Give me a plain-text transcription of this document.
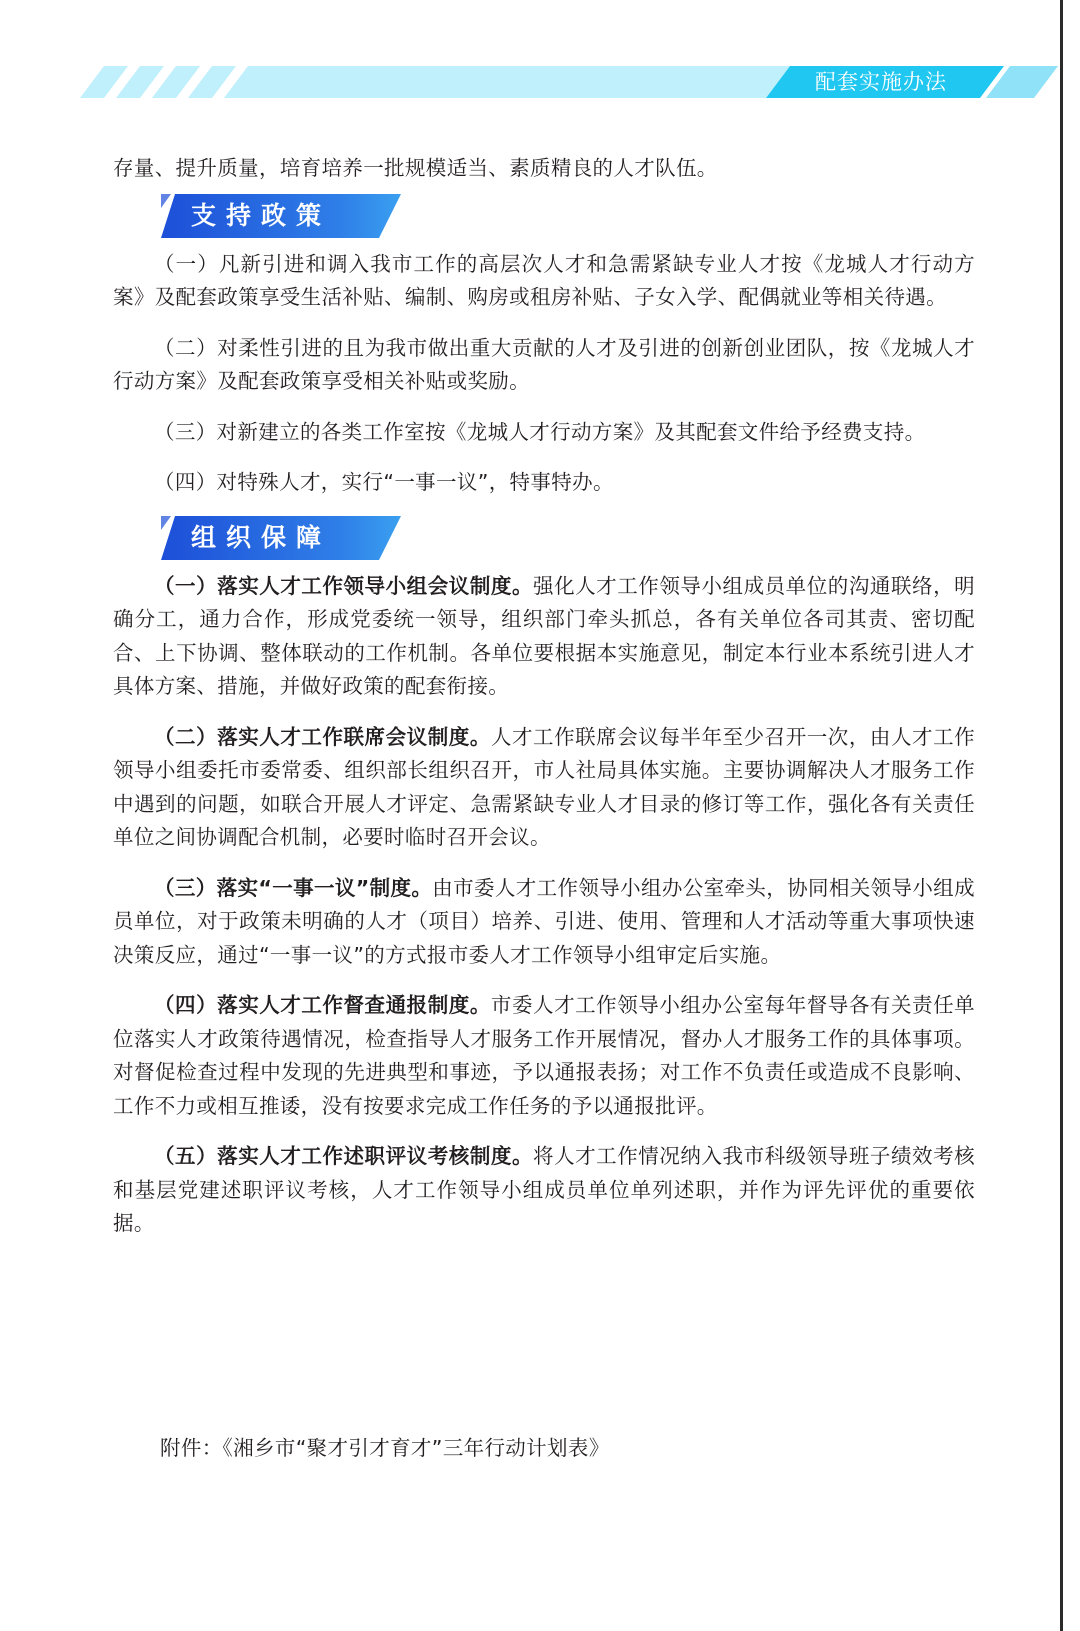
配套实施办法

存量、提升质量，培育培养一批规模适当、素质精良的人才队伍。

支持政策

（一）凡新引进和调入我市工作的高层次人才和急需紧缺专业人才按《龙城人才行动方案》及配套政策享受生活补贴、编制、购房或租房补贴、子女入学、配偶就业等相关待遇。

（二）对柔性引进的且为我市做出重大贡献的人才及引进的创新创业团队，按《龙城人才行动方案》及配套政策享受相关补贴或奖励。

（三）对新建立的各类工作室按《龙城人才行动方案》及其配套文件给予经费支持。

（四）对特殊人才，实行“一事一议”，特事特办。

组织保障

（一）落实人才工作领导小组会议制度。强化人才工作领导小组成员单位的沟通联络，明确分工，通力合作，形成党委统一领导，组织部门牵头抓总，各有关单位各司其责、密切配合、上下协调、整体联动的工作机制。各单位要根据本实施意见，制定本行业本系统引进人才具体方案、措施，并做好政策的配套衔接。

（二）落实人才工作联席会议制度。人才工作联席会议每半年至少召开一次，由人才工作领导小组委托市委常委、组织部长组织召开，市人社局具体实施。主要协调解决人才服务工作中遇到的问题，如联合开展人才评定、急需紧缺专业人才目录的修订等工作，强化各有关责任单位之间协调配合机制，必要时临时召开会议。

（三）落实“一事一议”制度。由市委人才工作领导小组办公室牵头，协同相关领导小组成员单位，对于政策未明确的人才（项目）培养、引进、使用、管理和人才活动等重大事项快速决策反应，通过“一事一议”的方式报市委人才工作领导小组审定后实施。

（四）落实人才工作督查通报制度。市委人才工作领导小组办公室每年督导各有关责任单位落实人才政策待遇情况，检查指导人才服务工作开展情况，督办人才服务工作的具体事项。对督促检查过程中发现的先进典型和事迹，予以通报表扬；对工作不负责任或造成不良影响、工作不力或相互推诿，没有按要求完成工作任务的予以通报批评。

（五）落实人才工作述职评议考核制度。将人才工作情况纳入我市科级领导班子绩效考核和基层党建述职评议考核，人才工作领导小组成员单位单列述职，并作为评先评优的重要依据。

附件：《湘乡市“聚才引才育才”三年行动计划表》
